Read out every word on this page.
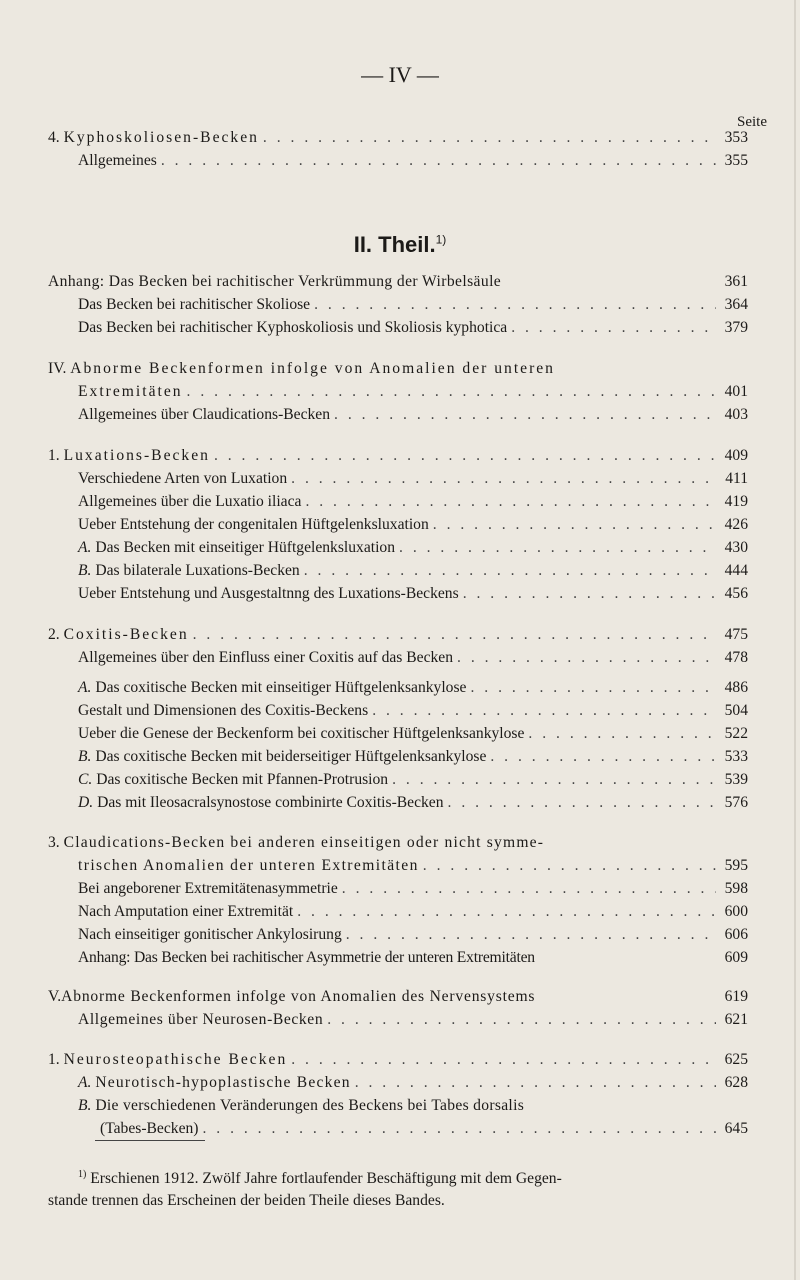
— IV —
Seite
4. Kyphoskoliosen-Becken . . .	353
Allgemeines . . .	355
II. Theil.$^{1)}$
Anhang: Das Becken bei rachitischer Verkrümmung der Wirbelsäule	361
Das Becken bei rachitischer Skoliose . . .	364
Das Becken bei rachitischer Kyphoskoliosis und Skoliosis kyphotica . . .	379
IV. Abnorme Beckenformen infolge von Anomalien der unteren
Extremitäten . . .	401
Allgemeines über Claudications-Becken . . .	403
1. Luxations-Becken . . .	409
Verschiedene Arten von Luxation . . .	411
Allgemeines über die Luxatio iliaca . . .	419
Ueber Entstehung der congenitalen Hüftgelenksluxation . . .	426
A. Das Becken mit einseitiger Hüftgelenksluxation . . .	430
B. Das bilaterale Luxations-Becken . . .	444
Ueber Entstehung und Ausgestaltnng des Luxations-Beckens . . .	456
2. Coxitis-Becken . . .	475
Allgemeines über den Einfluss einer Coxitis auf das Becken . . .	478
A. Das coxitische Becken mit einseitiger Hüftgelenksankylose . . .	486
Gestalt und Dimensionen des Coxitis-Beckens . . .	504
Ueber die Genese der Beckenform bei coxitischer Hüftgelenksankylose . . .	522
B. Das coxitische Becken mit beiderseitiger Hüftgelenksankylose . . .	533
C. Das coxitische Becken mit Pfannen-Protrusion . . .	539
D. Das mit Ileosacralsynostose combinirte Coxitis-Becken . . .	576
3. Claudications-Becken bei anderen einseitigen oder nicht symme-
trischen Anomalien der unteren Extremitäten . . .	595
Bei angeborener Extremitätenasymmetrie . . .	598
Nach Amputation einer Extremität . . .	600
Nach einseitiger gonitischer Ankylosirung . . .	606
Anhang: Das Becken bei rachitischer Asymmetrie der unteren Extremitäten	609
V.Abnorme Beckenformen infolge von Anomalien des Nervensystems	619
Allgemeines über Neurosen-Becken . . .	621
1. Neurosteopathische Becken . . .	625
A. Neurotisch-hypoplastische Becken . . .	628
B. Die verschiedenen Veränderungen des Beckens bei Tabes dorsalis
(Tabes-Becken) . . .	645
$^{1)}$ Erschienen 1912. Zwölf Jahre fortlaufender Beschäftigung mit dem Gegen-
stande trennen das Erscheinen der beiden Theile dieses Bandes.
